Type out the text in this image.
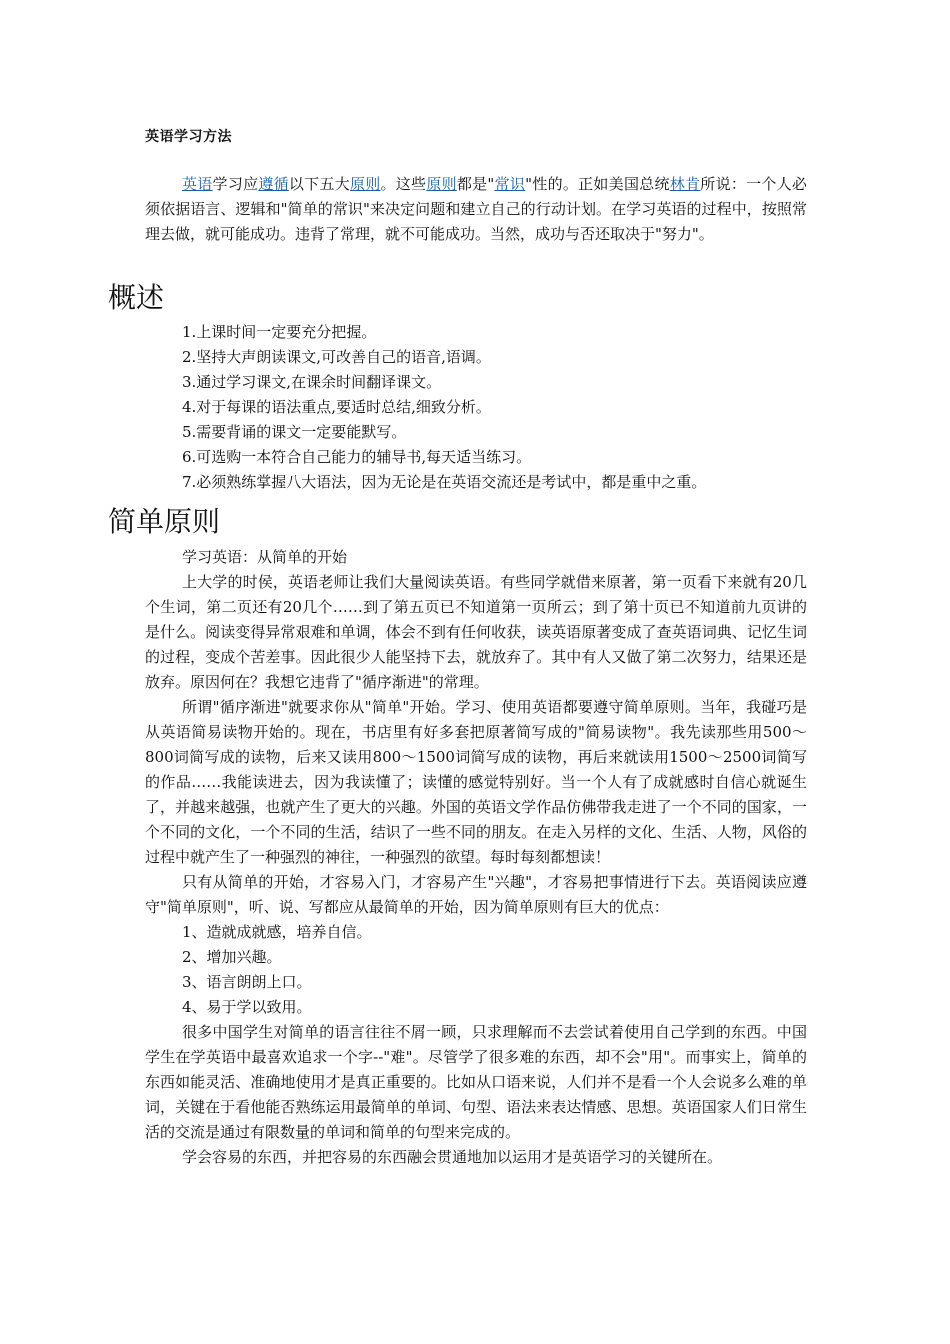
英语学习方法

英语学习应遵循以下五大原则。这些原则都是"常识"性的。正如美国总统林肯所说：一个人必须依据语言、逻辑和"简单的常识"来决定问题和建立自己的行动计划。在学习英语的过程中，按照常理去做，就可能成功。违背了常理，就不可能成功。当然，成功与否还取决于"努力"。

概述
1.上课时间一定要充分把握。
2.坚持大声朗读课文,可改善自己的语音,语调。
3.通过学习课文,在课余时间翻译课文。
4.对于每课的语法重点,要适时总结,细致分析。
5.需要背诵的课文一定要能默写。
6.可选购一本符合自己能力的辅导书,每天适当练习。
7.必须熟练掌握八大语法，因为无论是在英语交流还是考试中，都是重中之重。
简单原则

学习英语：从简单的开始

上大学的时侯，英语老师让我们大量阅读英语。有些同学就借来原著，第一页看下来就有20几个生词，第二页还有20几个……到了第五页已不知道第一页所云；到了第十页已不知道前九页讲的是什么。阅读变得异常艰难和单调，体会不到有任何收获，读英语原著变成了查英语词典、记忆生词的过程，变成个苦差事。因此很少人能坚持下去，就放弃了。其中有人又做了第二次努力，结果还是放弃。原因何在？我想它违背了"循序渐进"的常理。

所谓"循序渐进"就要求你从"简单"开始。学习、使用英语都要遵守简单原则。当年，我碰巧是从英语简易读物开始的。现在，书店里有好多套把原著简写成的"简易读物"。我先读那些用500～800词简写成的读物，后来又读用800～1500词简写成的读物，再后来就读用1500～2500词简写的作品……我能读进去，因为我读懂了；读懂的感觉特别好。当一个人有了成就感时自信心就诞生了，并越来越强，也就产生了更大的兴趣。外国的英语文学作品仿佛带我走进了一个不同的国家，一个不同的文化，一个不同的生活，结识了一些不同的朋友。在走入另样的文化、生活、人物，风俗的过程中就产生了一种强烈的神往，一种强烈的欲望。每时每刻都想读！

只有从简单的开始，才容易入门，才容易产生"兴趣"，才容易把事情进行下去。英语阅读应遵守"简单原则"，听、说、写都应从最简单的开始，因为简单原则有巨大的优点：

1、造就成就感，培养自信。

2、增加兴趣。

3、语言朗朗上口。

4、易于学以致用。

很多中国学生对简单的语言往往不屑一顾，只求理解而不去尝试着使用自己学到的东西。中国学生在学英语中最喜欢追求一个字--"难"。尽管学了很多难的东西，却不会"用"。而事实上，简单的东西如能灵活、准确地使用才是真正重要的。比如从口语来说，人们并不是看一个人会说多么难的单词，关键在于看他能否熟练运用最简单的单词、句型、语法来表达情感、思想。英语国家人们日常生活的交流是通过有限数量的单词和简单的句型来完成的。

学会容易的东西，并把容易的东西融会贯通地加以运用才是英语学习的关键所在。
